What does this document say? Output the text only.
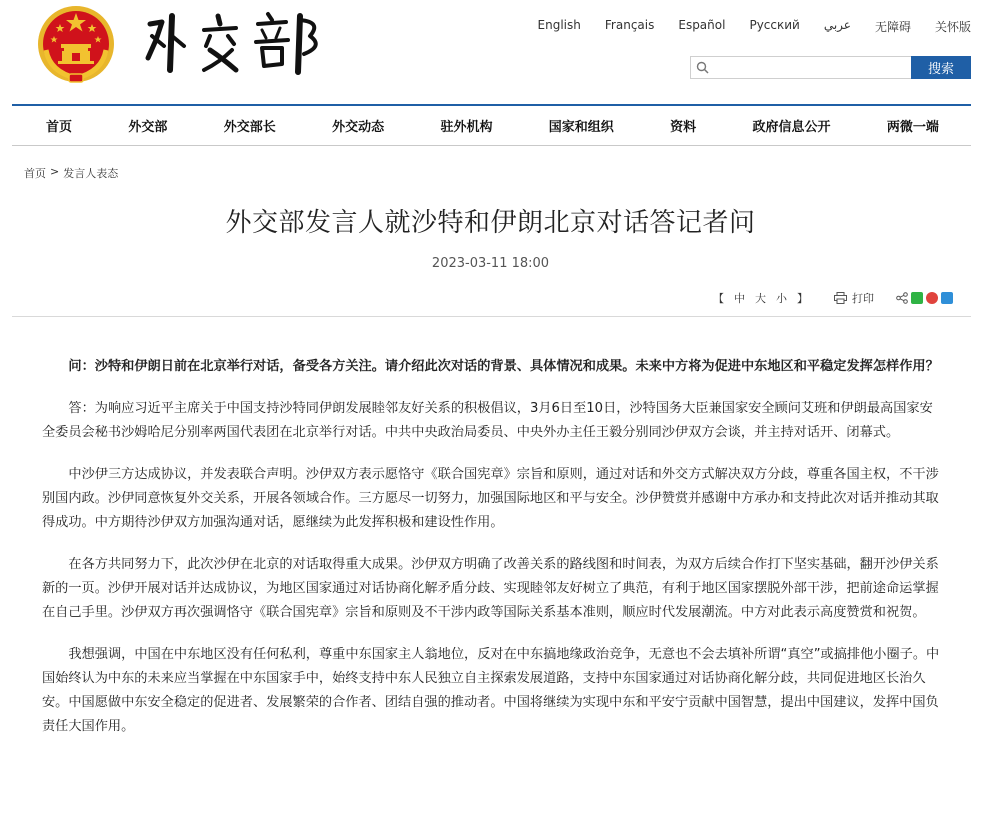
English Français Español Русский عربي 无障碍 关怀版
搜索
首页	外交部	外交部长	外交动态	驻外机构	国家和组织	资料	政府信息公开	两微一端
首页 > 发言人表态
外交部发言人就沙特和伊朗北京对话答记者问
2023-03-11 18:00
【 中 大 小 】	打印

问：沙特和伊朗日前在北京举行对话，备受各方关注。请介绍此次对话的背景、具体情况和成果。未来中方将为促进中东地区和平稳定发挥怎样作用？

答：为响应习近平主席关于中国支持沙特同伊朗发展睦邻友好关系的积极倡议，3月6日至10日，沙特国务大臣兼国家安全顾问艾班和伊朗最高国家安全委员会秘书沙姆哈尼分别率两国代表团在北京举行对话。中共中央政治局委员、中央外办主任王毅分别同沙伊双方会谈，并主持对话开、闭幕式。

中沙伊三方达成协议，并发表联合声明。沙伊双方表示愿恪守《联合国宪章》宗旨和原则，通过对话和外交方式解决双方分歧，尊重各国主权，不干涉别国内政。沙伊同意恢复外交关系，开展各领域合作。三方愿尽一切努力，加强国际地区和平与安全。沙伊赞赏并感谢中方承办和支持此次对话并推动其取得成功。中方期待沙伊双方加强沟通对话，愿继续为此发挥积极和建设性作用。

在各方共同努力下，此次沙伊在北京的对话取得重大成果。沙伊双方明确了改善关系的路线图和时间表，为双方后续合作打下坚实基础，翻开沙伊关系新的一页。沙伊开展对话并达成协议，为地区国家通过对话协商化解矛盾分歧、实现睦邻友好树立了典范，有利于地区国家摆脱外部干涉，把前途命运掌握在自己手里。沙伊双方再次强调恪守《联合国宪章》宗旨和原则及不干涉内政等国际关系基本准则，顺应时代发展潮流。中方对此表示高度赞赏和祝贺。

我想强调，中国在中东地区没有任何私利，尊重中东国家主人翁地位，反对在中东搞地缘政治竞争，无意也不会去填补所谓“真空”或搞排他小圈子。中国始终认为中东的未来应当掌握在中东国家手中，始终支持中东人民独立自主探索发展道路，支持中东国家通过对话协商化解分歧，共同促进地区长治久安。中国愿做中东安全稳定的促进者、发展繁荣的合作者、团结自强的推动者。中国将继续为实现中东和平安宁贡献中国智慧，提出中国建议，发挥中国负责任大国作用。
